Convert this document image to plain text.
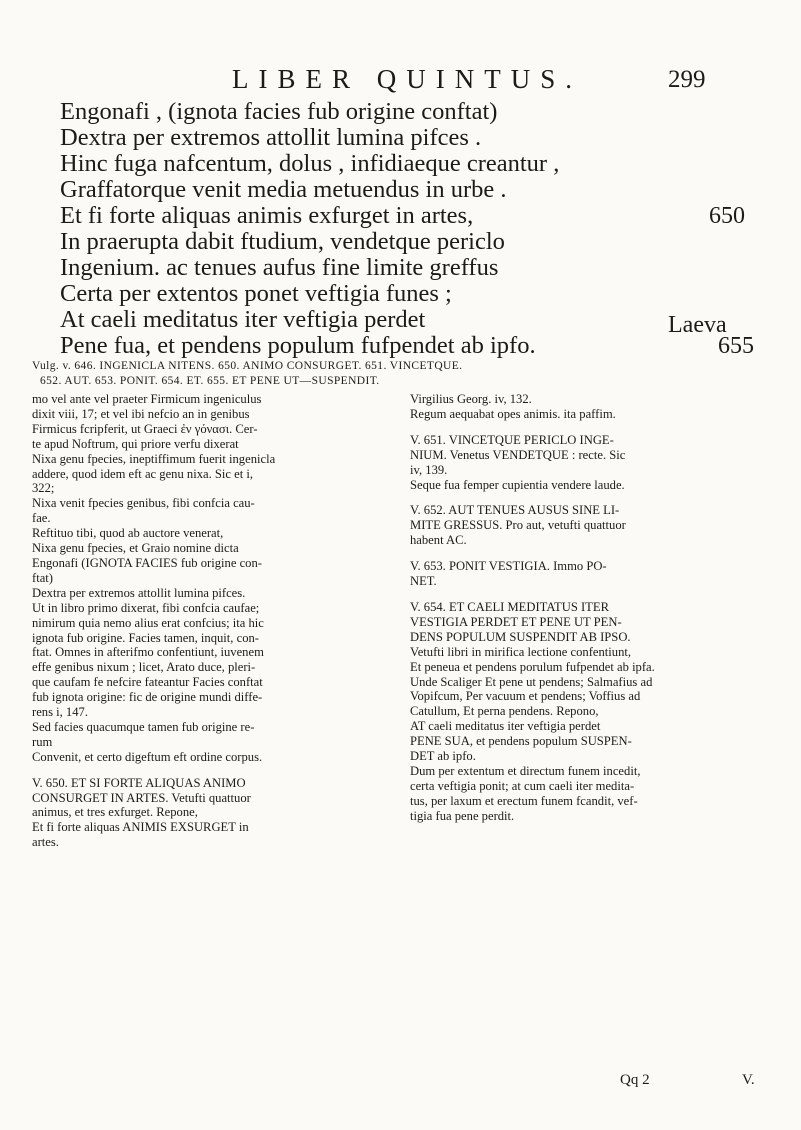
LIBER QUINTUS.	299
Engonafi , (ignota facies fub origine conftat)
Dextra per extremos attollit lumina pifces .
Hinc fuga nafcentum, dolus , infidiaeque creantur ,
Graffatorque venit media metuendus in urbe .
Et fi forte aliquas animis exfurget in artes,	650
In praerupta dabit ftudium, vendetque periclo
Ingenium. ac tenues aufus fine limite greffus
Certa per extentos ponet veftigia funes ;
At caeli meditatus iter veftigia perdet
Pene fua, et pendens populum fufpendet ab ipfo.	655
Laeva
Vulg. v. 646. INGENICLA NITENS. 650. ANIMO CONSURGET. 651. VINCETQUE.
652. AUT. 653. PONIT. 654. ET. 655. ET PENE UT—SUSPENDIT.
mo vel ante vel praeter Firmicum ingeniculus
dixit viii, 17; et vel ibi nefcio an in genibus
Firmicus fcripferit, ut Graeci ἐν γόνασι. Cer-
te apud Noftrum, qui priore verfu dixerat
Nixa genu fpecies, ineptiffimum fuerit ingenicla
addere, quod idem eft ac genu nixa. Sic et i,
322;
Nixa venit fpecies genibus, fibi confcia cau-
fae.
Reftituo tibi, quod ab auctore venerat,
Nixa genu fpecies, et Graio nomine dicta
Engonafi (IGNOTA FACIES fub origine con-
ftat)
Dextra per extremos attollit lumina pifces.
Ut in libro primo dixerat, fibi confcia caufae;
nimirum quia nemo alius erat confcius; ita hic
ignota fub origine. Facies tamen, inquit, con-
ftat. Omnes in afterifmo confentiunt, iuvenem
effe genibus nixum ; licet, Arato duce, pleri-
que caufam fe nefcire fateantur Facies conftat
fub ignota origine: fic de origine mundi diffe-
rens i, 147.
Sed facies quacumque tamen fub origine re-
rum
Convenit, et certo digeftum eft ordine corpus.
V. 650. ET SI FORTE ALIQUAS ANIMO
CONSURGET IN ARTES. Vetufti quattuor
animus, et tres exfurget. Repone,
Et fi forte aliquas ANIMIS EXSURGET in
artes.
Virgilius Georg. iv, 132.
Regum aequabat opes animis. ita paffim.
V. 651. VINCETQUE PERICLO INGE-
NIUM. Venetus VENDETQUE : recte. Sic
iv, 139.
Seque fua femper cupientia vendere laude.
V. 652. AUT TENUES AUSUS SINE LI-
MITE GRESSUS. Pro aut, vetufti quattuor
habent AC.
V. 653. PONIT VESTIGIA. Immo PO-
NET.
V. 654. ET CAELI MEDITATUS ITER
VESTIGIA PERDET ET PENE UT PEN-
DENS POPULUM SUSPENDIT AB IPSO.
Vetufti libri in mirifica lectione confentiunt,
Et peneua et pendens porulum fufpendet ab ipfa.
Unde Scaliger Et pene ut pendens; Salmafius ad
Vopifcum, Per vacuum et pendens; Voffius ad
Catullum, Et perna pendens. Repono,
AT caeli meditatus iter veftigia perdet
PENE SUA, et pendens populum SUSPEN-
DET ab ipfo.
Dum per extentum et directum funem incedit,
certa veftigia ponit; at cum caeli iter medita-
tus, per laxum et erectum funem fcandit, vef-
tigia fua pene perdit.
Qq 2	V.
